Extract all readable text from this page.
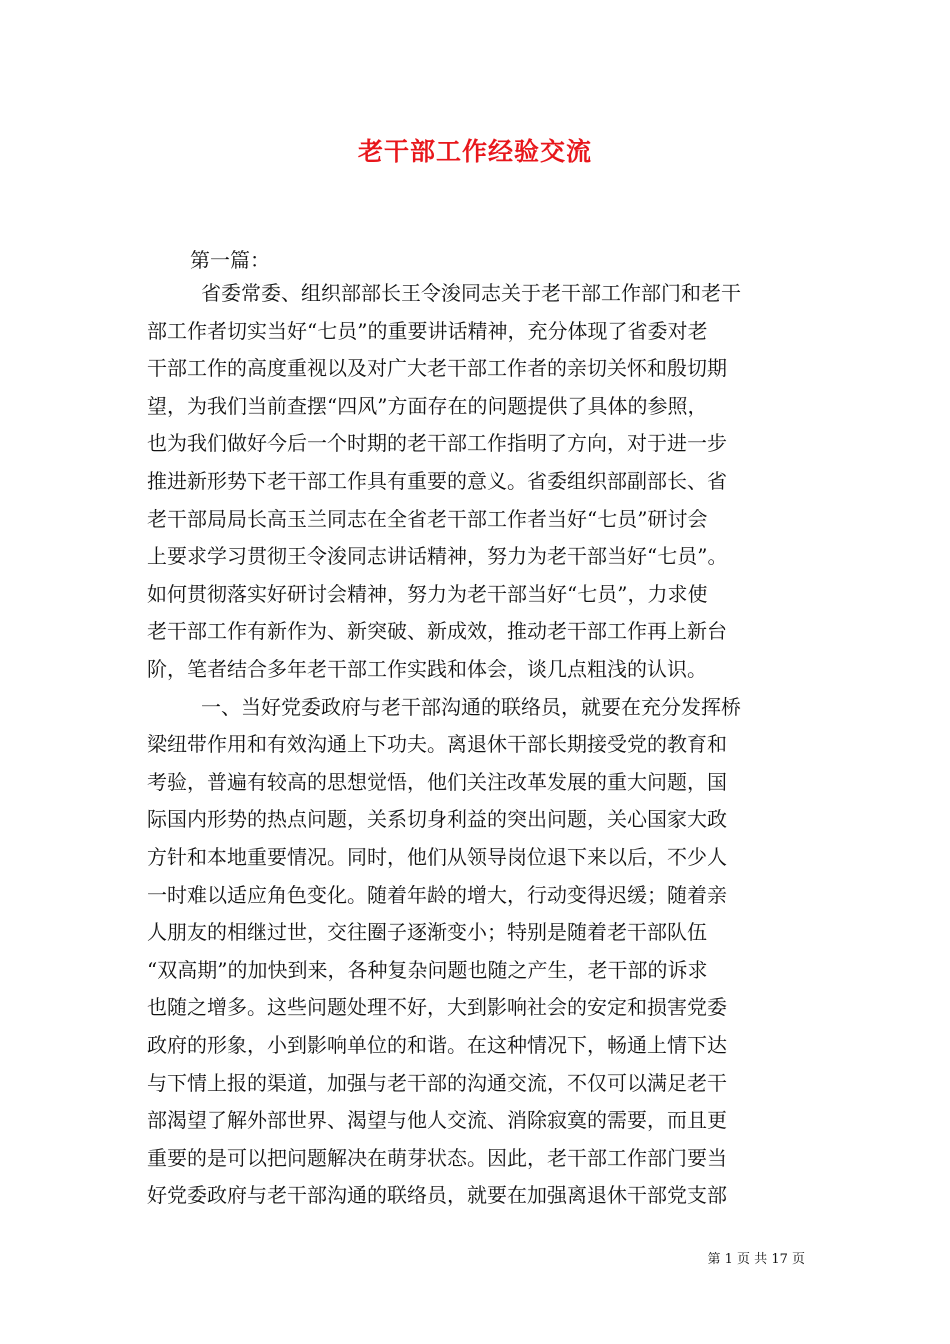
老干部工作经验交流
第一篇：
省委常委、组织部部长王令浚同志关于老干部工作部门和老干
部工作者切实当好“七员”的重要讲话精神，充分体现了省委对老
干部工作的高度重视以及对广大老干部工作者的亲切关怀和殷切期
望，为我们当前查摆“四风”方面存在的问题提供了具体的参照，
也为我们做好今后一个时期的老干部工作指明了方向，对于进一步
推进新形势下老干部工作具有重要的意义。省委组织部副部长、省
老干部局局长高玉兰同志在全省老干部工作者当好“七员”研讨会
上要求学习贯彻王令浚同志讲话精神，努力为老干部当好“七员”。
如何贯彻落实好研讨会精神，努力为老干部当好“七员”，力求使
老干部工作有新作为、新突破、新成效，推动老干部工作再上新台
阶，笔者结合多年老干部工作实践和体会，谈几点粗浅的认识。
一、当好党委政府与老干部沟通的联络员，就要在充分发挥桥
梁纽带作用和有效沟通上下功夫。离退休干部长期接受党的教育和
考验，普遍有较高的思想觉悟，他们关注改革发展的重大问题，国
际国内形势的热点问题，关系切身利益的突出问题，关心国家大政
方针和本地重要情况。同时，他们从领导岗位退下来以后，不少人
一时难以适应角色变化。随着年龄的增大，行动变得迟缓；随着亲
人朋友的相继过世，交往圈子逐渐变小；特别是随着老干部队伍
“双高期”的加快到来，各种复杂问题也随之产生，老干部的诉求
也随之增多。这些问题处理不好，大到影响社会的安定和损害党委
政府的形象，小到影响单位的和谐。在这种情况下，畅通上情下达
与下情上报的渠道，加强与老干部的沟通交流，不仅可以满足老干
部渴望了解外部世界、渴望与他人交流、消除寂寞的需要，而且更
重要的是可以把问题解决在萌芽状态。因此，老干部工作部门要当
好党委政府与老干部沟通的联络员，就要在加强离退休干部党支部
第 1 页 共 17 页
